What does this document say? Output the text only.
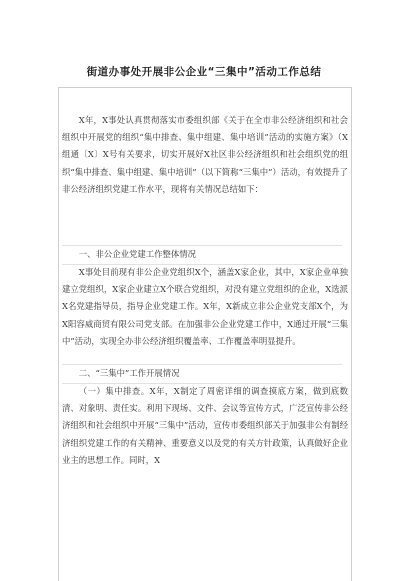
街道办事处开展非公企业“三集中”活动工作总结

X年，X事处认真贯彻落实市委组织部《关于在全市非公经济组织和社会组织中开展党的组织“集中排查、集中组建、集中培训”活动的实施方案》（X组通〔X〕X号有关要求，切实开展好X社区非公经济组织和社会组织党的组织“集中排查、集中组建、集中培训”（以下简称“三集中”）活动，有效提升了非公经济组织党建工作水平，现将有关情况总结如下：

一、非公企业党建工作整体情况

X事处目前现有非公企业党组织X个，涵盖X家企业，其中，X家企业单独建立党组织，X家企业建立X个联合党组织，对没有建立党组织的企业，X选派X名党建指导员，指导企业党建工作。X年，X新成立非公企业党支部X个，为X阳容威商贸有限公司党支部。在加强非公企业党建工作中，X通过开展“三集中”活动，实现全办非公经济组织覆盖率、工作覆盖率明显提升。

二、“三集中”工作开展情况

（一）集中排查。X年，X制定了周密详细的调查摸底方案，做到底数清、对象明、责任实。利用下现场、文件、会议等宣传方式，广泛宣传非公经济组织和社会组织中开展“三集中”活动，宣传市委组织部关于加强非公有制经济组织党建工作的有关精神、重要意义以及党的有关方针政策，认真做好企业业主的思想工作。同时，X
